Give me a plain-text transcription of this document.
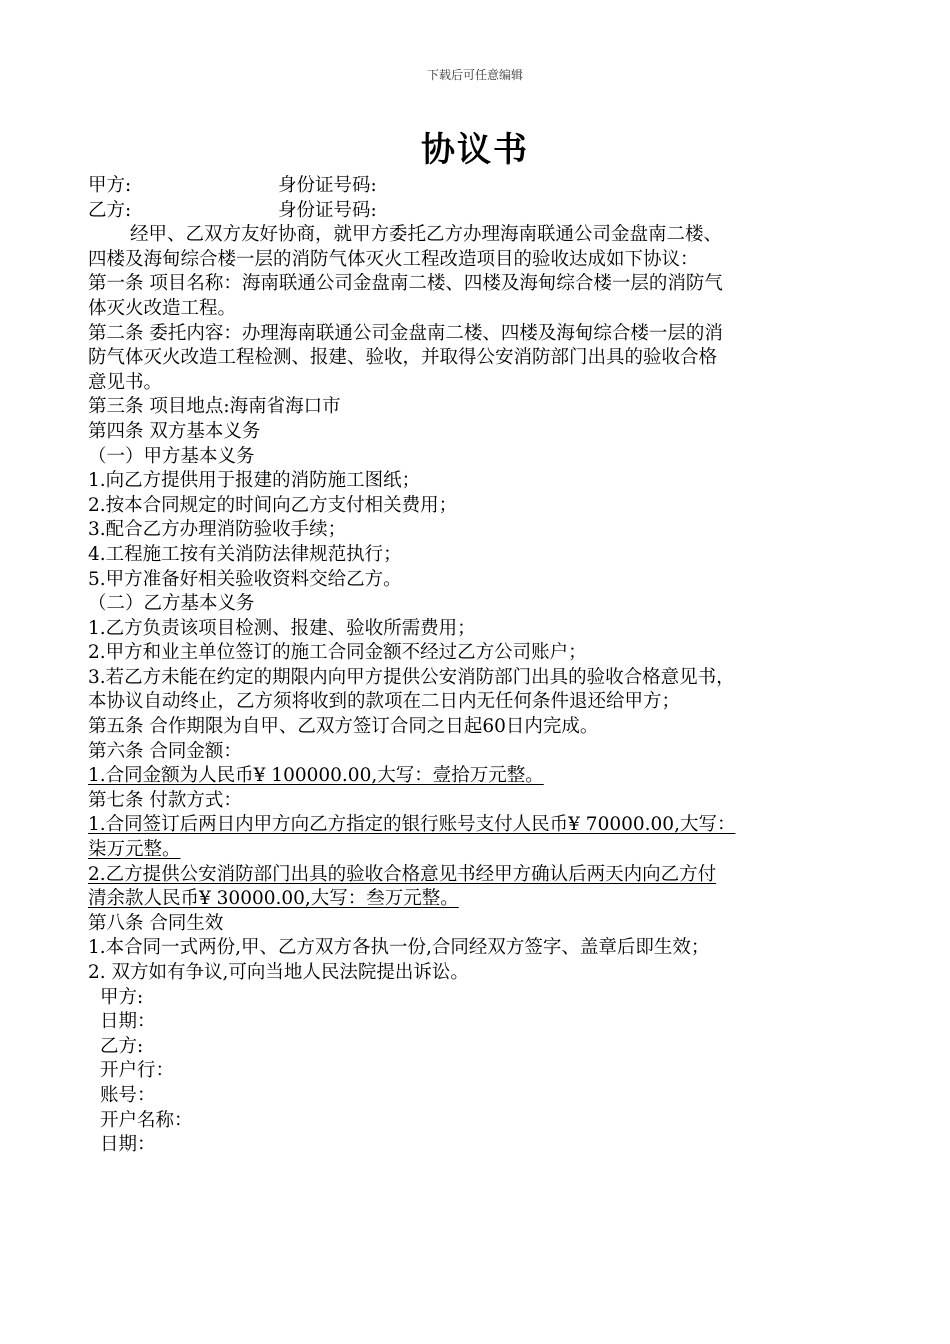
下载后可任意编辑
协议书
甲方:	身份证号码:
乙方:	身份证号码:
经甲、乙双方友好协商，就甲方委托乙方办理海南联通公司金盘南二楼、
四楼及海甸综合楼一层的消防气体灭火工程改造项目的验收达成如下协议：
第一条 项目名称：海南联通公司金盘南二楼、四楼及海甸综合楼一层的消防气
体灭火改造工程。
第二条 委托内容：办理海南联通公司金盘南二楼、四楼及海甸综合楼一层的消
防气体灭火改造工程检测、报建、验收，并取得公安消防部门出具的验收合格
意见书。
第三条 项目地点:海南省海口市
第四条 双方基本义务
（一）甲方基本义务
1.向乙方提供用于报建的消防施工图纸；
2.按本合同规定的时间向乙方支付相关费用；
3.配合乙方办理消防验收手续；
4.工程施工按有关消防法律规范执行；
5.甲方准备好相关验收资料交给乙方。
（二）乙方基本义务
1.乙方负责该项目检测、报建、验收所需费用；
2.甲方和业主单位签订的施工合同金额不经过乙方公司账户；
3.若乙方未能在约定的期限内向甲方提供公安消防部门出具的验收合格意见书，
本协议自动终止，乙方须将收到的款项在二日内无任何条件退还给甲方；
第五条 合作期限为自甲、乙双方签订合同之日起60日内完成。
第六条 合同金额：
1.合同金额为人民币¥ 100000.00,大写：壹拾万元整。
第七条 付款方式：
1.合同签订后两日内甲方向乙方指定的银行账号支付人民币¥ 70000.00,大写：
柒万元整。
2.乙方提供公安消防部门出具的验收合格意见书经甲方确认后两天内向乙方付
清余款人民币¥ 30000.00,大写：叁万元整。
第八条 合同生效
1.本合同一式两份,甲、乙方双方各执一份,合同经双方签字、盖章后即生效；
2. 双方如有争议,可向当地人民法院提出诉讼。
甲方:
日期：
乙方:
开户行：
账号：
开户名称：
日期：
